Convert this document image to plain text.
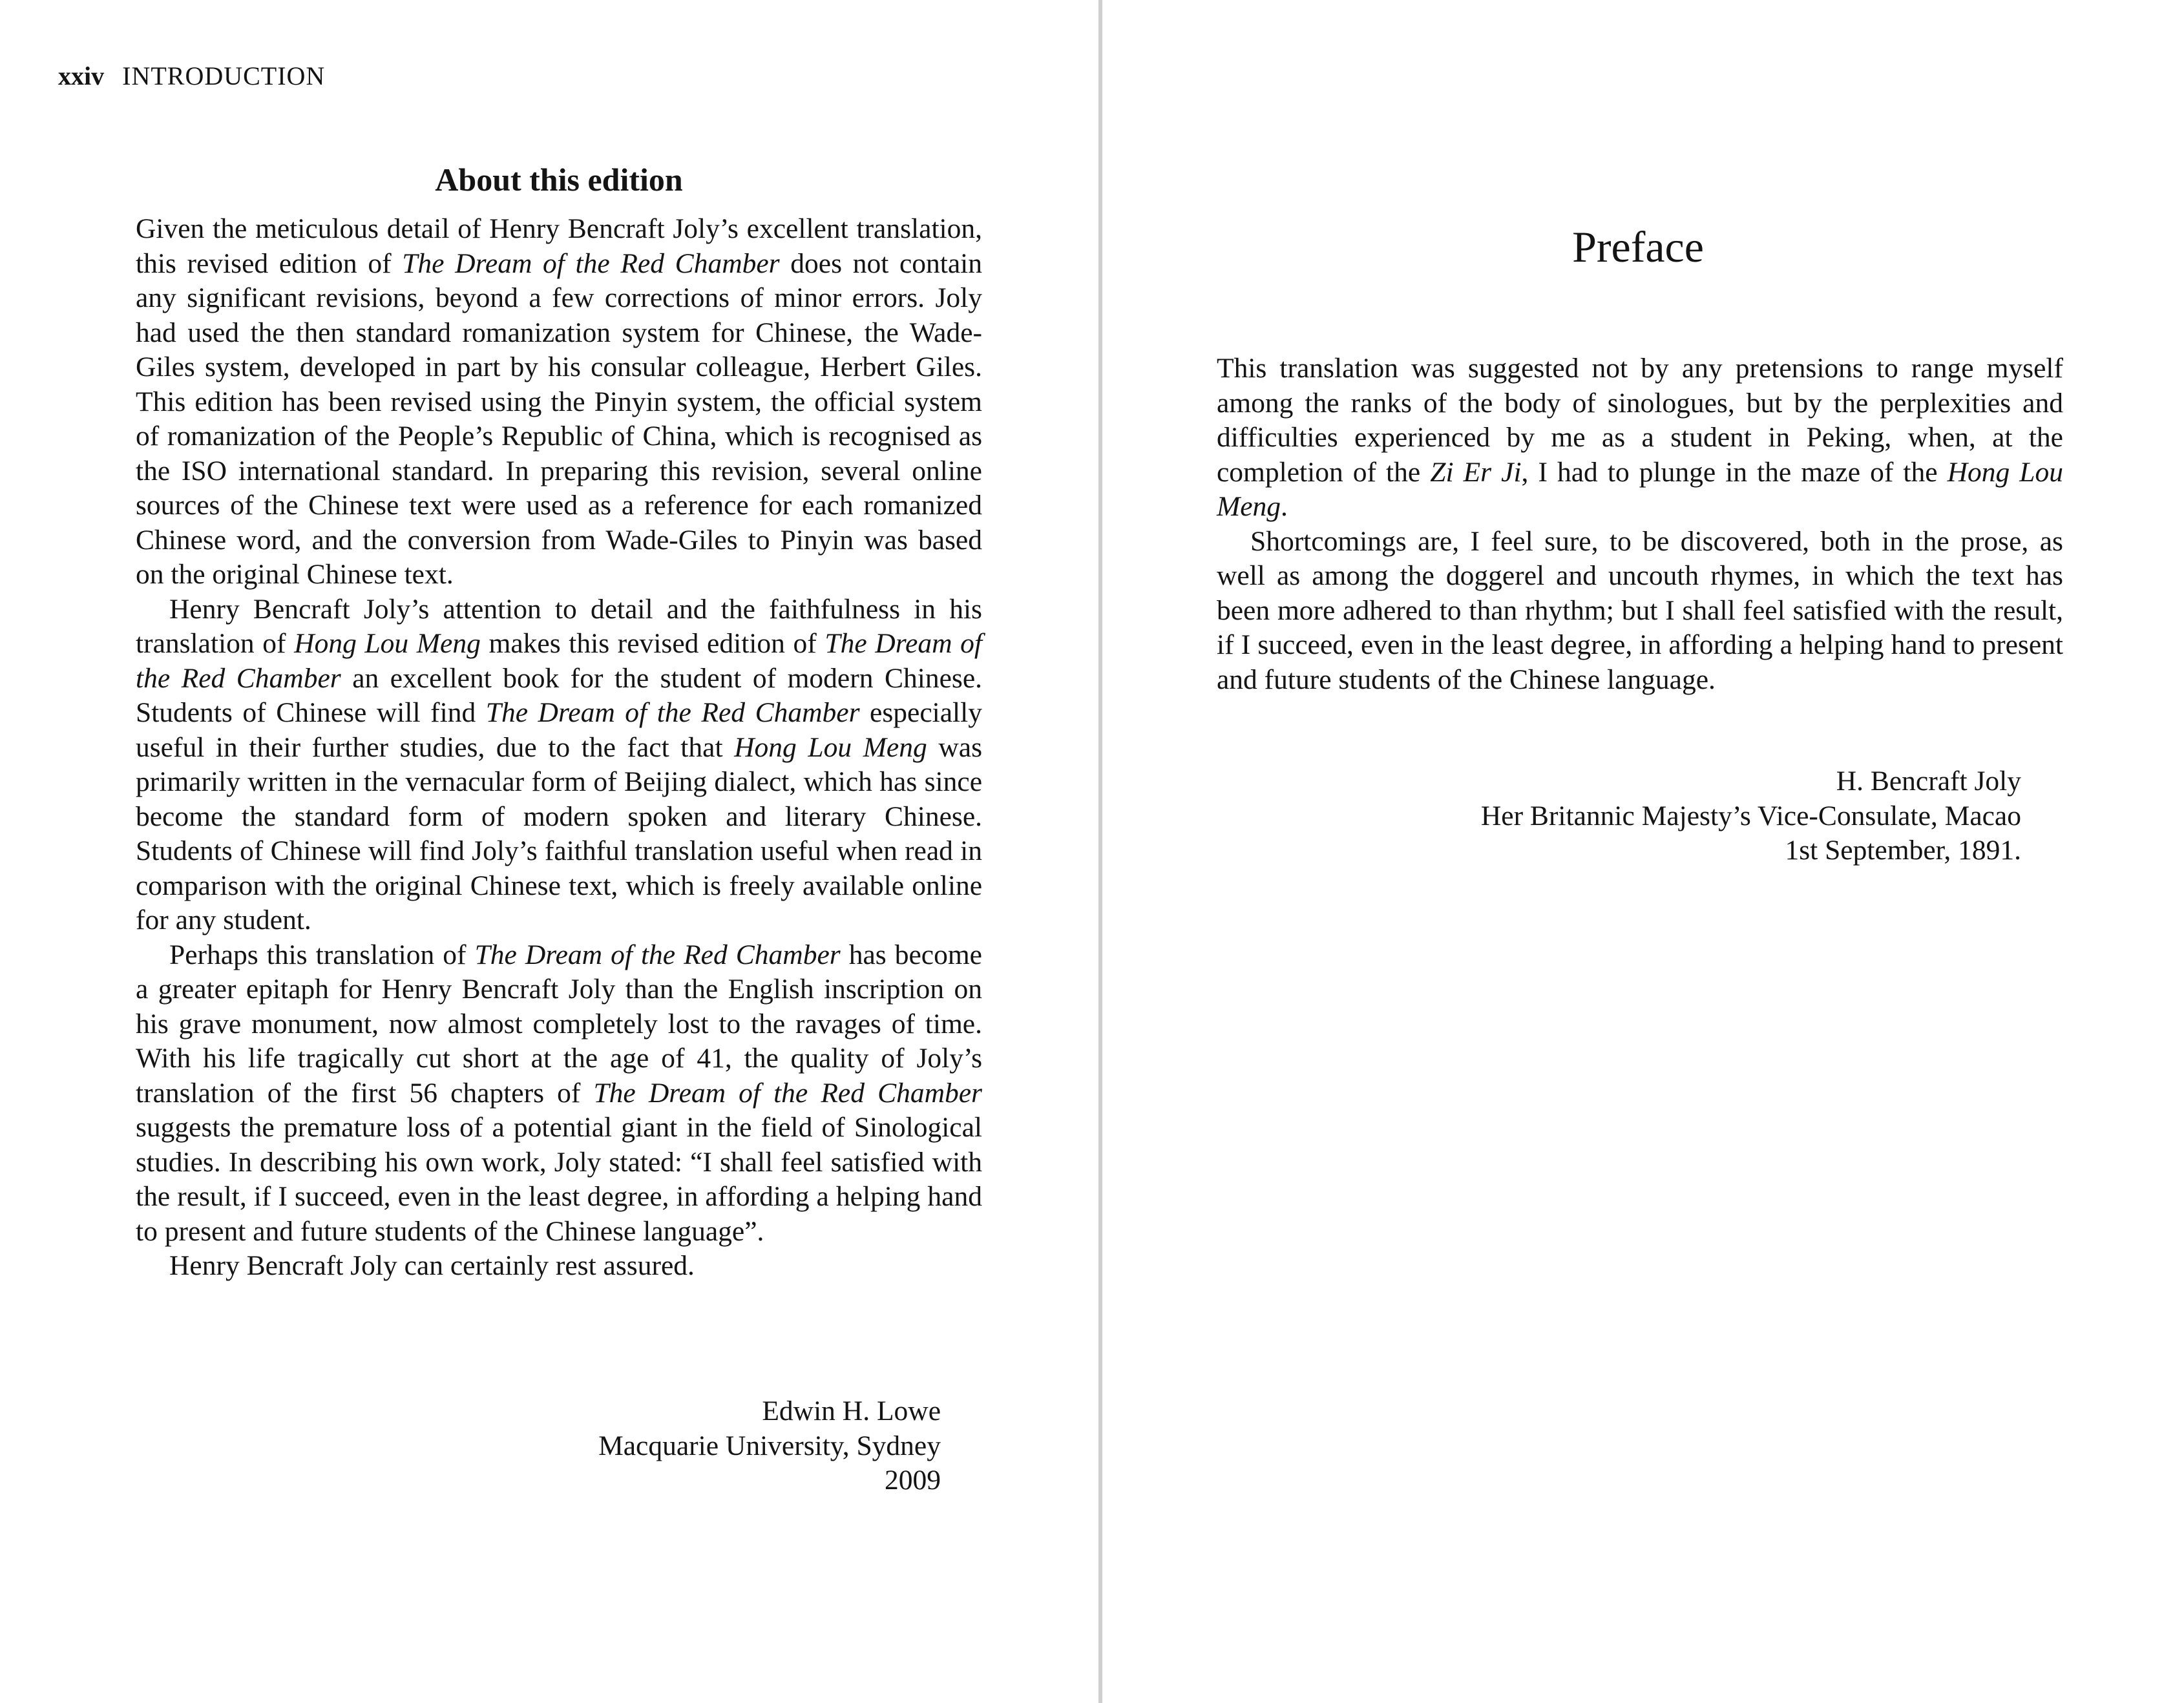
xxiv INTRODUCTION
About this edition

Given the meticulous detail of Henry Bencraft Joly’s excellent translation, this revised edition of The Dream of the Red Chamber does not contain any significant revisions, beyond a few corrections of minor errors. Joly had used the then standard romanization system for Chinese, the Wade-Giles system, developed in part by his consular colleague, Herbert Giles. This edition has been revised using the Pinyin system, the official system of romanization of the People’s Republic of China, which is recognised as the ISO international standard. In preparing this revision, several online sources of the Chinese text were used as a reference for each romanized Chinese word, and the conversion from Wade-Giles to Pinyin was based on the original Chinese text.

Henry Bencraft Joly’s attention to detail and the faithfulness in his translation of Hong Lou Meng makes this revised edition of The Dream of the Red Chamber an excellent book for the student of modern Chinese. Students of Chinese will find The Dream of the Red Chamber especially useful in their further studies, due to the fact that Hong Lou Meng was primarily written in the vernacular form of Beijing dialect, which has since become the standard form of modern spoken and literary Chinese. Students of Chinese will find Joly’s faithful translation useful when read in comparison with the original Chinese text, which is freely available online for any student.

Perhaps this translation of The Dream of the Red Chamber has become a greater epitaph for Henry Bencraft Joly than the English inscription on his grave monument, now almost completely lost to the ravages of time. With his life tragically cut short at the age of 41, the quality of Joly’s translation of the first 56 chapters of The Dream of the Red Chamber suggests the premature loss of a potential giant in the field of Sinological studies. In describing his own work, Joly stated: “I shall feel satisfied with the result, if I succeed, even in the least degree, in affording a helping hand to present and future students of the Chinese language”.

Henry Bencraft Joly can certainly rest assured.

Edwin H. Lowe
Macquarie University, Sydney
2009
Preface

This translation was suggested not by any pretensions to range myself among the ranks of the body of sinologues, but by the perplexities and difficulties experienced by me as a student in Peking, when, at the completion of the Zi Er Ji, I had to plunge in the maze of the Hong Lou Meng.

Shortcomings are, I feel sure, to be discovered, both in the prose, as well as among the doggerel and uncouth rhymes, in which the text has been more adhered to than rhythm; but I shall feel satisfied with the result, if I succeed, even in the least degree, in affording a helping hand to present and future students of the Chinese language.

H. Bencraft Joly
Her Britannic Majesty’s Vice-Consulate, Macao
1st September, 1891.
